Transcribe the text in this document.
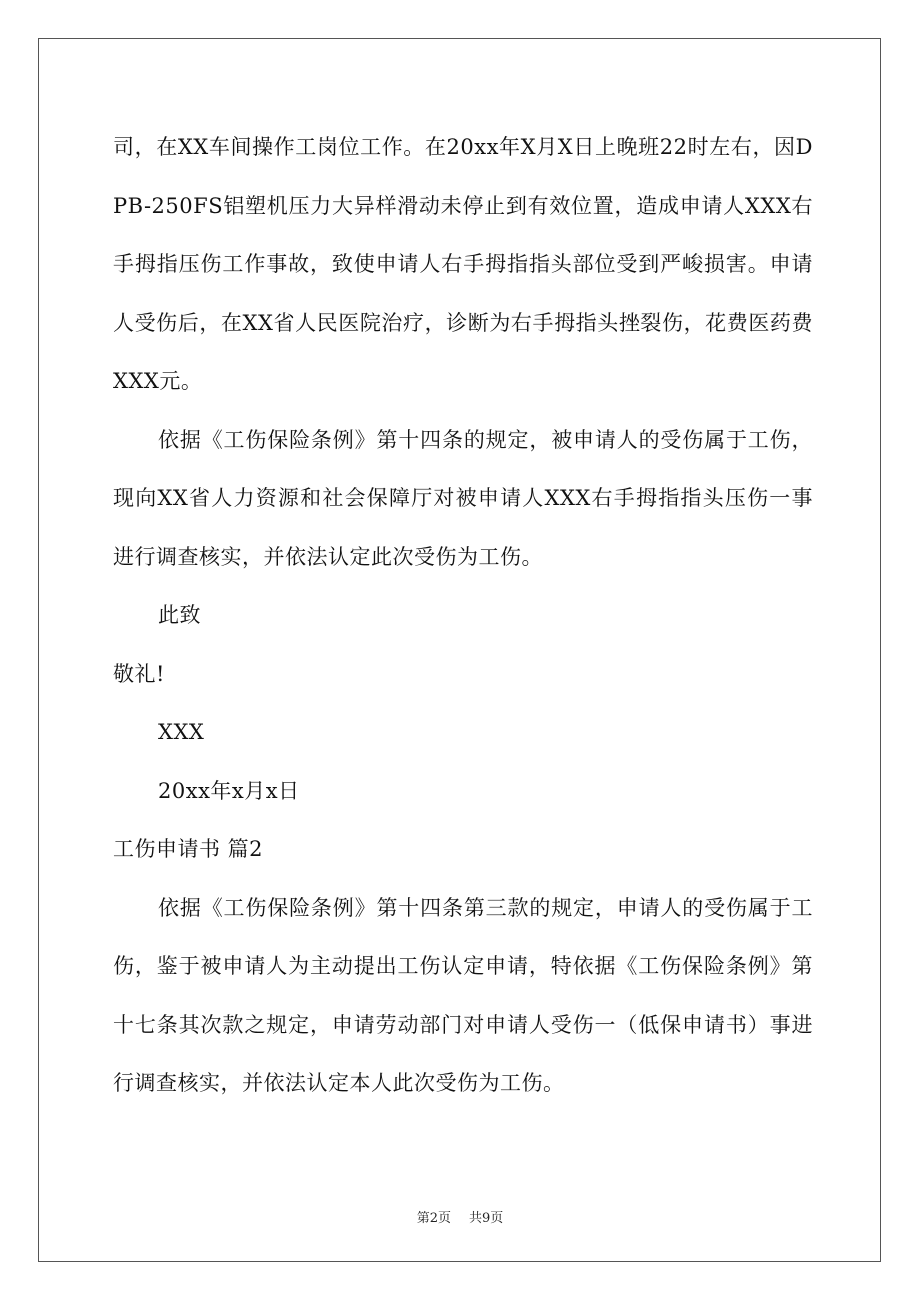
司，在XX车间操作工岗位工作。在20xx年X月X日上晚班22时左右，因DPB-250FS铝塑机压力大异样滑动未停止到有效位置，造成申请人XXX右手拇指压伤工作事故，致使申请人右手拇指指头部位受到严峻损害。申请人受伤后，在XX省人民医院治疗，诊断为右手拇指头挫裂伤，花费医药费XXX元。

依据《工伤保险条例》第十四条的规定，被申请人的受伤属于工伤，现向XX省人力资源和社会保障厅对被申请人XXX右手拇指指头压伤一事进行调查核实，并依法认定此次受伤为工伤。

此致

敬礼!

XXX

20xx年x月x日

工伤申请书 篇2

依据《工伤保险条例》第十四条第三款的规定，申请人的受伤属于工伤，鉴于被申请人为主动提出工伤认定申请，特依据《工伤保险条例》第十七条其次款之规定，申请劳动部门对申请人受伤一（低保申请书）事进行调查核实，并依法认定本人此次受伤为工伤。

第2页 共9页
